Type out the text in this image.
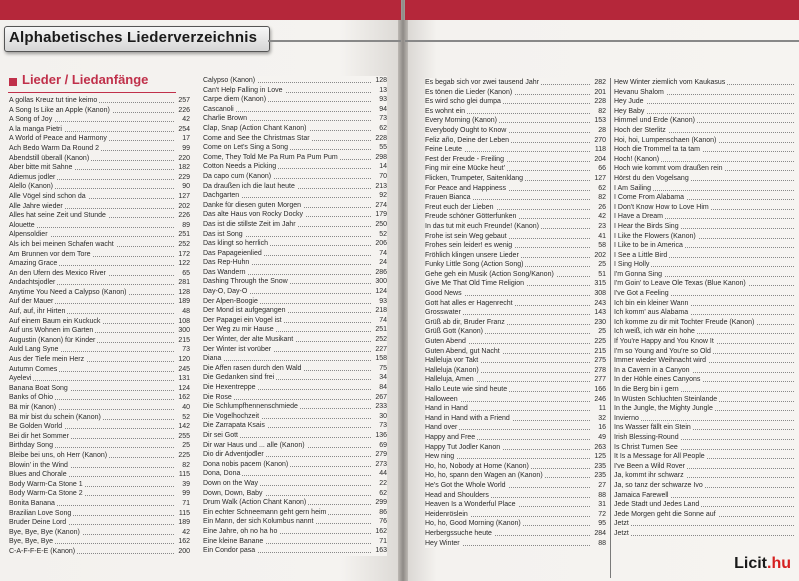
Alphabetisches Liederverzeichnis
Lieder / Liedanfänge
A gollas Kreuz tut tine keimo	257
A Song Is Like an Apple (Kanon)	226
A Song of Joy	42
A la manga Pietri	254
A World of Peace and Harmony	17
Ach Bedo Warm Da Round 2	99
Abendstill überall (Kanon)	220
Aber bitte mit Sahne	182
Adiemus jodler	229
Alello (Kanon)	90
Alle Vögel sind schon da	127
Alle Jahre wieder	202
Alles hat seine Zeit und Stunde	226
Alouette	89
Alpensoldier	251
Als ich bei meinen Schafen wacht	252
Am Brunnen vor dem Tore	172
Amazing Grace	122
An den Ufern des Mexico River	65
Andachtsjodler	281
Anytime You Need a Calypso (Kanon)	128
Auf der Mauer	189
Auf, auf, ihr Hirten	48
Auf einem Baum ein Kuckuck	108
Auf uns Wohnen im Garten	300
Augustin (Kanon) für Kinder	215
Auld Lang Syne	73
Aus der Tiefe mein Herz	120
Autumn Comes	245
Ayelevi	131
Banana Boat Song	124
Banks of Ohio	162
Bä mir (Kanon)	40
Bä mir bist du schein (Kanon)	52
Be Golden World	142
Bei dir het Sommer	255
Birthday Song	25
Bleibe bei uns, oh Herr (Kanon)	225
Blowin' in the Wind	82
Blues and Chorale	115
Body Warm-Ca Stone 1	39
Body Warm-Ca Stone 2	99
Bonita Banana	71
Brazilian Love Song	115
Bruder Deine Lord	189
Bye, Bye, Bye (Kanon)	42
Bye, Bye, Bye	162
C-A-F-F-E-E (Kanon)	200
Calypso (Kanon)	128
Can't Help Falling in Love	13
Carpe diem (Kanon)	93
Cascanoli	94
Charlie Brown	73
Clap, Snap (Action Chant Kanon)	62
Come and See the Christmas Star	228
Come on Let's Sing a Song	55
Come, They Told Me Pa Rum Pa Pum Pum	298
Cotton Needs a Picking	14
Da capo cum (Kanon)	70
Da draußen ich die laut heute	213
Dachgarten	92
Danke für diesen guten Morgen	274
Das alte Haus von Rocky Docky	179
Das ist die stillste Zeit im Jahr	250
Das ist Song	52
Das klingt so herrlich	206
Das Papageienlied	74
Das Rep-Huhn	24
Das Wandern	286
Dashing Through the Snow	300
Day-O, Day-O	124
Der Alpen-Boogie	93
Der Mond ist aufgegangen	218
Der Papagei ein Vogel ist	74
Der Weg zu mir Hause	251
Der Winter, der alte Musikant	252
Der Winter ist vorüber	227
Diana	158
Die Affen rasen durch den Wald	75
Die Gedanken sind frei	34
Die Hexentreppe	84
Die Rose	267
Die Schlumpfhennenschmiede	233
Die Vogelhochzeit	30
Die Zarrapata Ksais	73
Dir sei Gott	136
Dir war Haus und ... alle (Kanon)	69
Dio dir Adventjodler	279
Dona nobis pacem (Kanon)	273
Dona, Dona	44
Down on the Way	22
Down, Down, Baby	62
Drum Walk (Action Chant Kanon)	299
Ein echter Schneemann geht gern heim	86
Ein Mann, der sich Kolumbus nannt	76
Eine Jahre, oh no ha ho	162
Eine kleine Banane	71
Ein Condor pasa	163
Es begab sich vor zwei tausend Jahr	282
Es tönen die Lieder (Kanon)	201
Es wird scho glei dumpa	228
Es wohnt ein	82
Every Morning (Kanon)	153
Everybody Ought to Know	28
Feliz año, Deine der Leben	270
Feine Leute	118
Fest der Freude - Freiling	204
Fing mir eine Mücke heut'	66
Flicken, Trumpeter, Saitenklang	127
For Peace and Happiness	62
Frauen Bianca	82
Freut euch der Lieben	26
Freude schöner Götterfunken	42
In das tut mit euch Freunde! (Kanon)	23
Frohe ist sein Weg gebaut	41
Frohes sein leider! es wenig	58
Fröhlich klingen unsere Lieder	202
Funky Little Song (Action Song)	25
Gehe geh ein Musik (Action Song/Kanon)	51
Give Me That Old Time Religion	315
Good News	308
Gott hat alles er Hagenrecht	243
Grosswater	143
Grüß ab dir, Bruder Franz	230
Grüß Gott (Kanon)	25
Guten Abend	225
Guten Abend, gut Nacht	215
Halleluja vor Takt	275
Halleluja (Kanon)	278
Halleluja, Amen	277
Hallo Leute wie sind heute	166
Halloween	246
Hand in Hand	11
Hand in Hand with a Friend	32
Hand over	16
Happy and Free	49
Happy Tut Jodler Kanon	263
Hew ning	125
Ho, ho, Nobody at Home (Kanon)	235
Ho, ho, spann den Wagen an (Kanon)	235
He's Got the Whole World	27
Head and Shoulders	88
Heaven Is a Wonderful Place	31
Heidenröslein	72
Ho, ho, Good Morning (Kanon)	95
Herbergssuche heute	284
Hey Winter	88
Hew Winter ziemlich vom Kaukasus
Hevanu Shalom
Hey Jude
Hey Baby
Himmel und Erde (Kanon)
Hoch der Sterlitz
Hoi, hoi, Lumpenschaen (Kanon)
Hoch die Trommel ta ta tam
Hoch! (Kanon)
Hoch wie kommt vom draußen rein
Hörst du den Vogelsang
I Am Sailing
I Come From Alabama
I Don't Know How to Love Him
I Have a Dream
I Hear the Birds Sing
I Like the Flowers (Kanon)
I Like to be in America
I See a Little Bird
I Sing Holly
I'm Gonna Sing
I'm Goin' to Leave Ole Texas (Blue Kanon)
I've Got a Feeling
Ich bin ein kleiner Wann
Ich komm' aus Alabama
Ich komme zu dir mit Tochter Freude (Kanon)
Ich weiß, ich wär ein hohe
If You're Happy and You Know It
I'm so Young and You're so Old
Immer wieder Weihnacht wird
In a Cavern in a Canyon
In der Höhle eines Canyons
In die Berg bin i gern
In Wüsten Schluchten Steinlande
In the Jungle, the Mighty Jungle
Invierno
Ins Wasser fällt ein Stein
Irish Blessing-Round
Is Christ Turnen See
It Is a Message for All People
I've Been a Wild Rover
Ja, kommt ihr schwarz
Ja, so tanz der schwarze Ivo
Jamaica Farewell
Jede Stadt und Jedes Land
Jede Morgen geht die Sonne auf
Jetzt
Jetzt
Licit.hu
